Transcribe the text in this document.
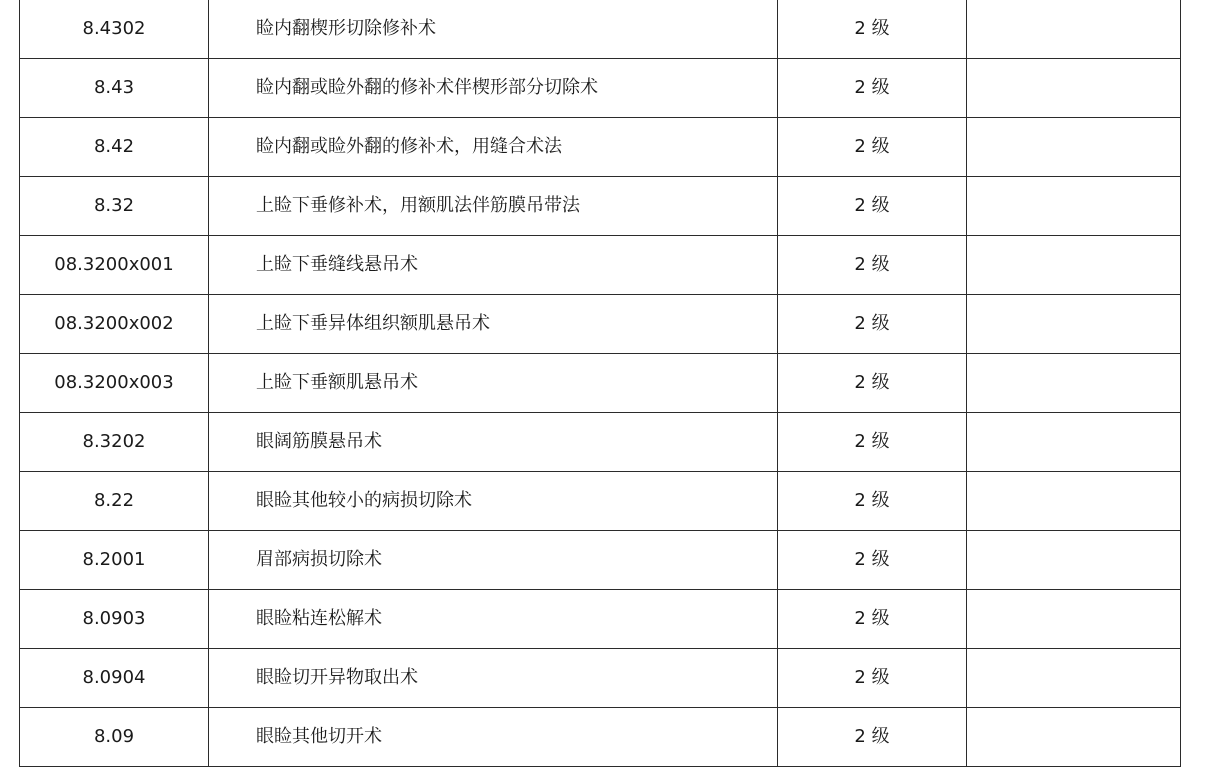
8.4302	睑内翻楔形切除修补术	2 级	
8.43	睑内翻或睑外翻的修补术伴楔形部分切除术	2 级	
8.42	睑内翻或睑外翻的修补术，用缝合术法	2 级	
8.32	上睑下垂修补术，用额肌法伴筋膜吊带法	2 级	
08.3200x001	上睑下垂缝线悬吊术	2 级	
08.3200x002	上睑下垂异体组织额肌悬吊术	2 级	
08.3200x003	上睑下垂额肌悬吊术	2 级	
8.3202	眼阔筋膜悬吊术	2 级	
8.22	眼睑其他较小的病损切除术	2 级	
8.2001	眉部病损切除术	2 级	
8.0903	眼睑粘连松解术	2 级	
8.0904	眼睑切开异物取出术	2 级	
8.09	眼睑其他切开术	2 级	
